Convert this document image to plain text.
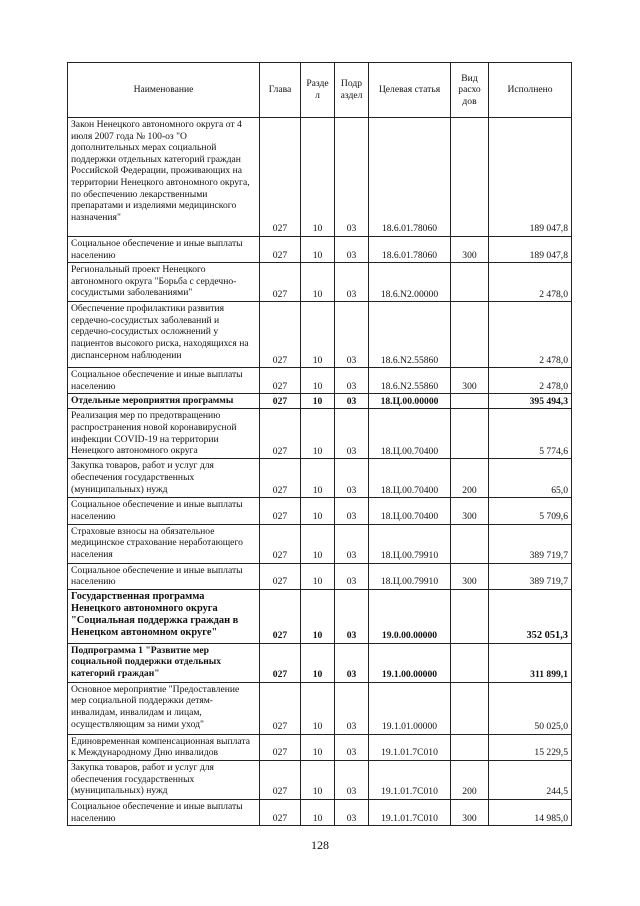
Наименование	Глава	Разде л	Подр аздел	Целевая статья	Вид расхо дов	Исполнено
Закон Ненецкого автономного округа от 4 июля 2007 года № 100-оз "О дополнительных мерах социальной поддержки отдельных категорий граждан Российской Федерации, проживающих на территории Ненецкого автономного округа, по обеспечению лекарственными препаратами и изделиями медицинского назначения"	027	10	03	18.6.01.78060		189 047,8
Социальное обеспечение и иные выплаты населению	027	10	03	18.6.01.78060	300	189 047,8
Региональный проект Ненецкого автономного округа "Борьба с сердечно-сосудистыми заболеваниями"	027	10	03	18.6.N2.00000		2 478,0
Обеспечение профилактики развития сердечно-сосудистых заболеваний и сердечно-сосудистых осложнений у пациентов высокого риска, находящихся на диспансерном наблюдении	027	10	03	18.6.N2.55860		2 478,0
Социальное обеспечение и иные выплаты населению	027	10	03	18.6.N2.55860	300	2 478,0
Отдельные мероприятия программы	027	10	03	18.Ц.00.00000		395 494,3
Реализация мер по предотвращению распространения новой коронавирусной инфекции COVID-19 на территории Ненецкого автономного округа	027	10	03	18.Ц.00.70400		5 774,6
Закупка товаров, работ и услуг для обеспечения государственных (муниципальных) нужд	027	10	03	18.Ц.00.70400	200	65,0
Социальное обеспечение и иные выплаты населению	027	10	03	18.Ц.00.70400	300	5 709,6
Страховые взносы на обязательное медицинское страхование неработающего населения	027	10	03	18.Ц.00.79910		389 719,7
Социальное обеспечение и иные выплаты населению	027	10	03	18.Ц.00.79910	300	389 719,7
Государственная программа Ненецкого автономного округа "Социальная поддержка граждан в Ненецком автономном округе"	027	10	03	19.0.00.00000		352 051,3
Подпрограмма 1 "Развитие мер социальной поддержки отдельных категорий граждан"	027	10	03	19.1.00.00000		311 899,1
Основное мероприятие "Предоставление мер социальной поддержки детям-инвалидам, инвалидам и лицам, осуществляющим за ними уход"	027	10	03	19.1.01.00000		50 025,0
Единовременная компенсационная выплата к Международному Дню инвалидов	027	10	03	19.1.01.7С010		15 229,5
Закупка товаров, работ и услуг для обеспечения государственных (муниципальных) нужд	027	10	03	19.1.01.7С010	200	244,5
Социальное обеспечение и иные выплаты населению	027	10	03	19.1.01.7С010	300	14 985,0
128
